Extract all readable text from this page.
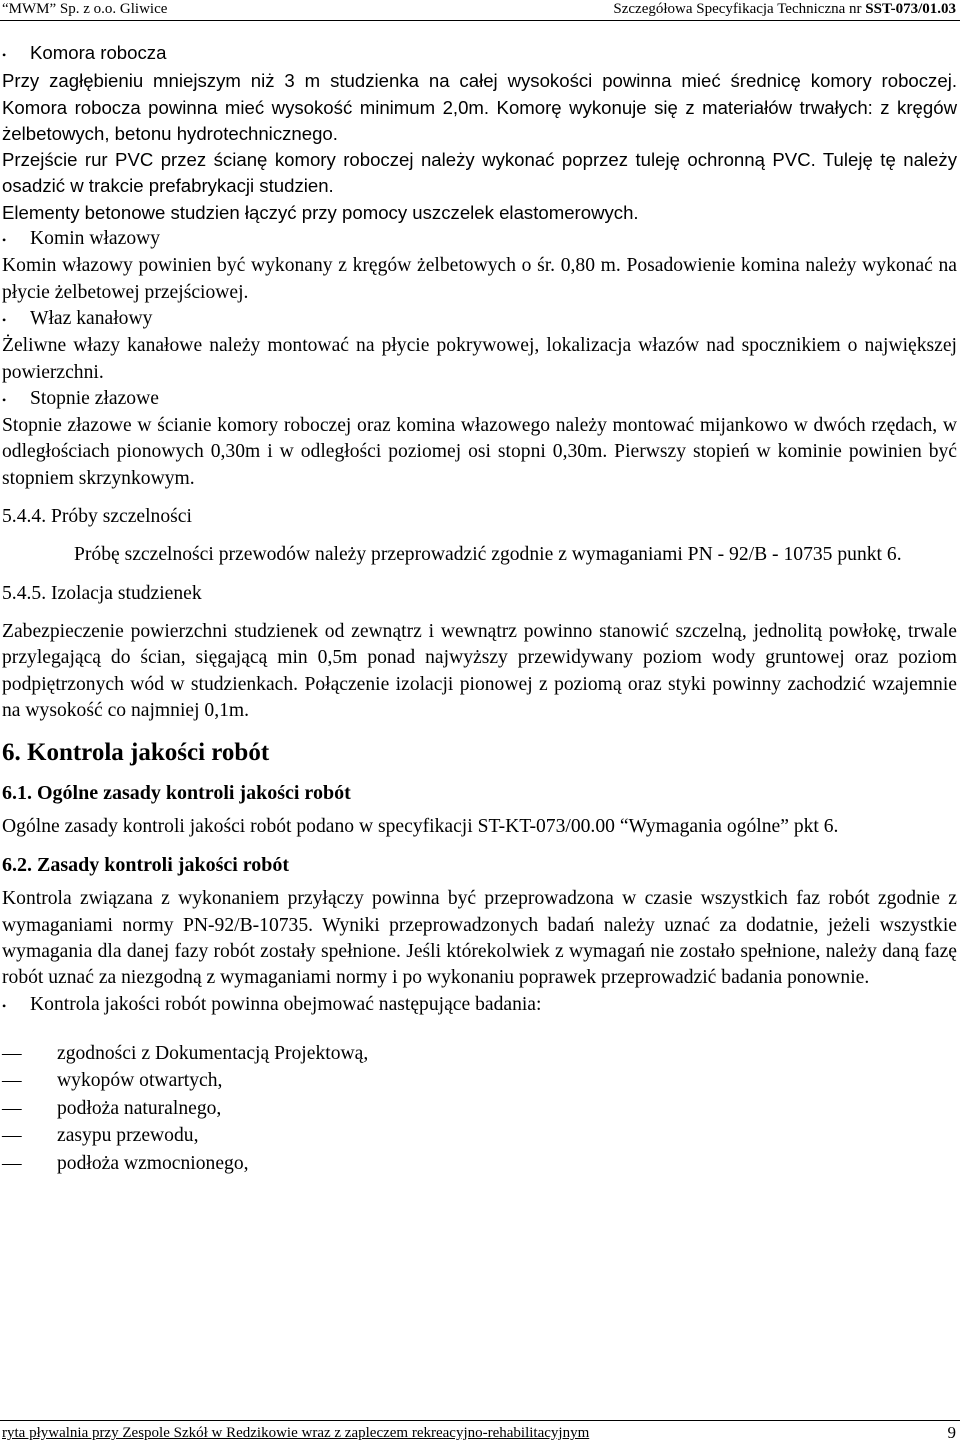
“MWM” Sp. z o.o. Gliwice	Szczegółowa Specyfikacja Techniczna nr SST-073/01.03
•	Komora robocza

Przy zagłębieniu mniejszym niż 3 m studzienka na całej wysokości powinna mieć średnicę komory roboczej. Komora robocza powinna mieć wysokość minimum 2,0m. Komorę wykonuje się z materiałów trwałych: z kręgów żelbetowych, betonu hydrotechnicznego.

Przejście rur PVC przez ścianę komory roboczej należy wykonać poprzez tuleję ochronną PVC. Tuleję tę należy osadzić w trakcie prefabrykacji studzien.

Elementy betonowe studzien łączyć przy pomocy uszczelek elastomerowych.

•	Komin włazowy

Komin włazowy powinien być wykonany z kręgów żelbetowych o śr. 0,80 m. Posadowienie komina należy wykonać na płycie żelbetowej przejściowej.

•	Właz kanałowy

Żeliwne włazy kanałowe należy montować na płycie pokrywowej, lokalizacja włazów nad spocznikiem o największej powierzchni.

•	Stopnie złazowe

Stopnie złazowe w ścianie komory roboczej oraz komina włazowego należy montować mijankowo w dwóch rzędach, w odległościach pionowych 0,30m i w odległości poziomej osi stopni 0,30m. Pierwszy stopień w kominie powinien być stopniem skrzynkowym.

5.4.4. Próby szczelności

Próbę szczelności przewodów należy przeprowadzić zgodnie z wymaganiami PN - 92/B - 10735 punkt 6.

5.4.5. Izolacja studzienek

Zabezpieczenie powierzchni studzienek od zewnątrz i wewnątrz powinno stanowić szczelną, jednolitą powłokę, trwale przylegającą do ścian, sięgającą min 0,5m ponad najwyższy przewidywany poziom wody gruntowej oraz poziom podpiętrzonych wód w studzienkach. Połączenie izolacji pionowej z poziomą oraz styki powinny zachodzić wzajemnie na wysokość co najmniej 0,1m.

6. Kontrola jakości robót
6.1. Ogólne zasady kontroli jakości robót

Ogólne zasady kontroli jakości robót podano w specyfikacji ST-KT-073/00.00 “Wymagania ogólne” pkt 6.

6.2. Zasady kontroli jakości robót

Kontrola związana z wykonaniem przyłączy powinna być przeprowadzona w czasie wszystkich faz robót zgodnie z wymaganiami normy PN-92/B-10735. Wyniki przeprowadzonych badań należy uznać za dodatnie, jeżeli wszystkie wymagania dla danej fazy robót zostały spełnione. Jeśli którekolwiek z wymagań nie zostało spełnione, należy daną fazę robót uznać za niezgodną z wymaganiami normy i po wykonaniu poprawek przeprowadzić badania ponownie.

•	Kontrola jakości robót powinna obejmować następujące badania:
—	zgodności z Dokumentacją Projektową,
—	wykopów otwartych,
—	podłoża naturalnego,
—	zasypu przewodu,
—	podłoża wzmocnionego,
ryta pływalnia przy Zespole Szkół w Redzikowie wraz z zapleczem rekreacyjno-rehabilitacyjnym	9
